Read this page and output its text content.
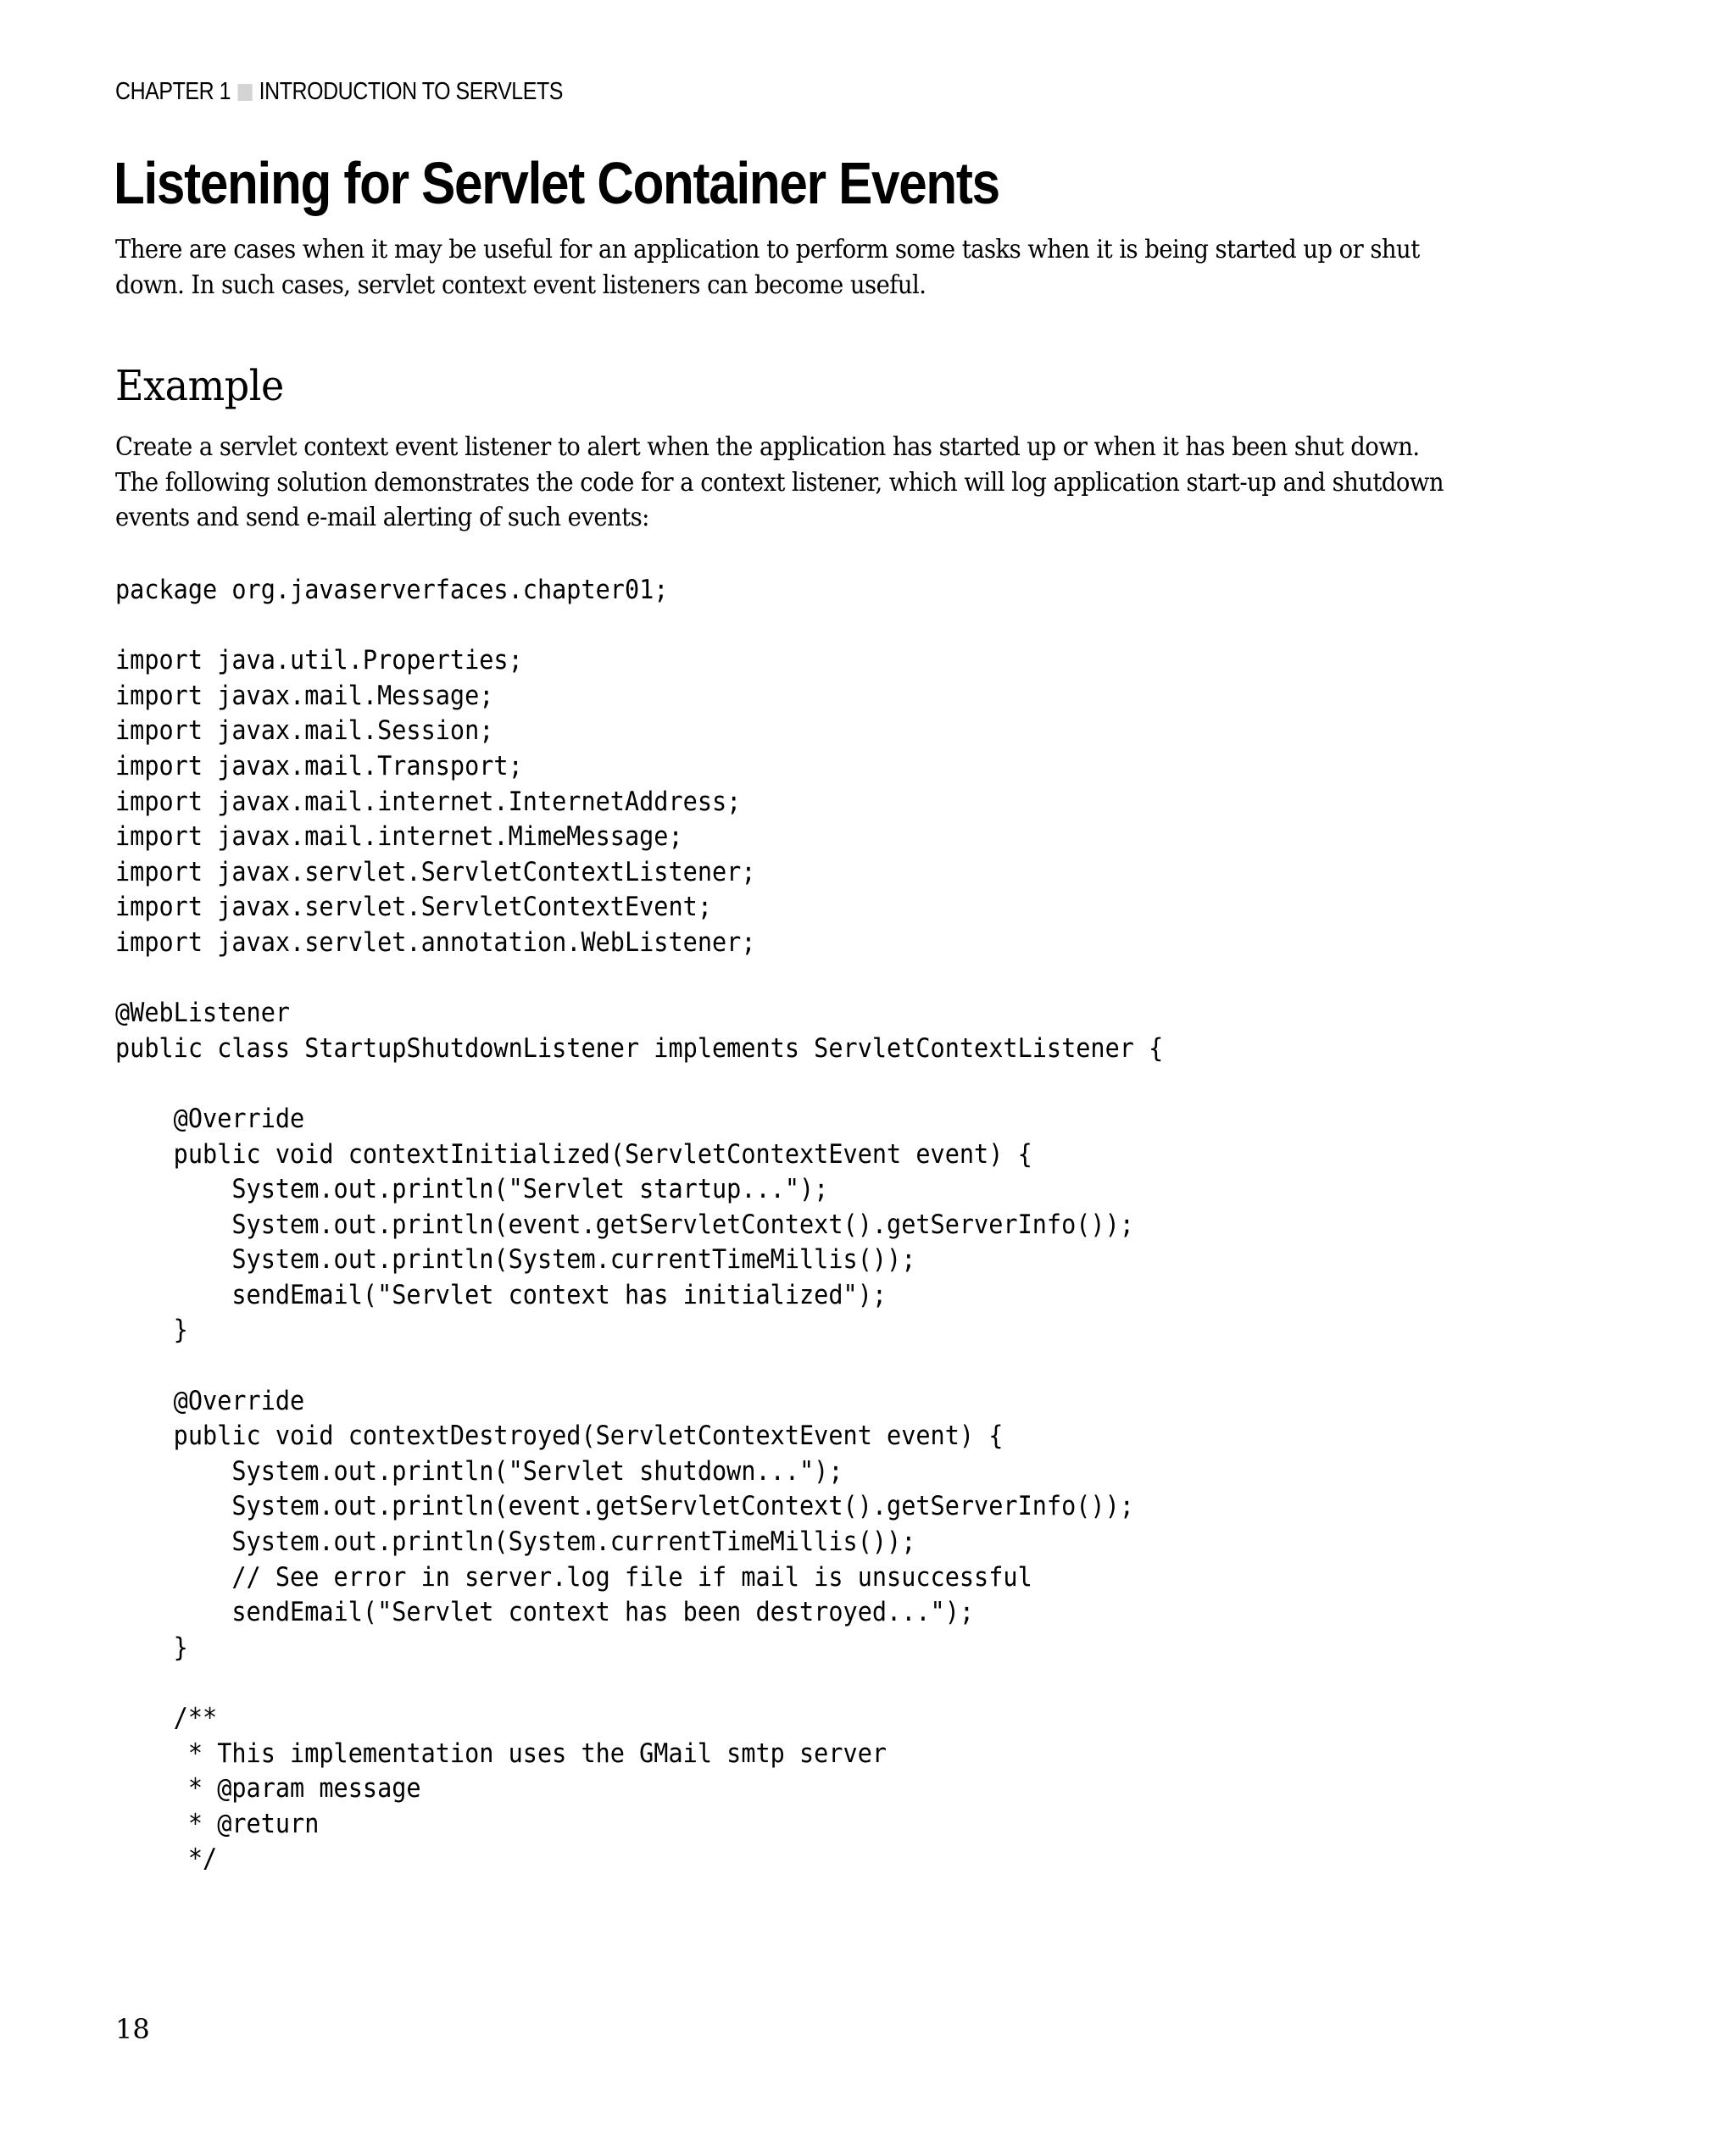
CHAPTER 1 INTRODUCTION TO SERVLETS
Listening for Servlet Container Events

There are cases when it may be useful for an application to perform some tasks when it is being started up or shut
down. In such cases, servlet context event listeners can become useful.

Example

Create a servlet context event listener to alert when the application has started up or when it has been shut down.
The following solution demonstrates the code for a context listener, which will log application start-up and shutdown
events and send e-mail alerting of such events:

package org.javaserverfaces.chapter01;
import java.util.Properties;
import javax.mail.Message;
import javax.mail.Session;
import javax.mail.Transport;
import javax.mail.internet.InternetAddress;
import javax.mail.internet.MimeMessage;
import javax.servlet.ServletContextListener;
import javax.servlet.ServletContextEvent;
import javax.servlet.annotation.WebListener;
@WebListener
public class StartupShutdownListener implements ServletContextListener {
@Override
public void contextInitialized(ServletContextEvent event) {
System.out.println("Servlet startup...");
System.out.println(event.getServletContext().getServerInfo());
System.out.println(System.currentTimeMillis());
sendEmail("Servlet context has initialized");
}
@Override
public void contextDestroyed(ServletContextEvent event) {
System.out.println("Servlet shutdown...");
System.out.println(event.getServletContext().getServerInfo());
System.out.println(System.currentTimeMillis());
// See error in server.log file if mail is unsuccessful
sendEmail("Servlet context has been destroyed...");
}
/**
* This implementation uses the GMail smtp server
* @param message
* @return
*/

18
